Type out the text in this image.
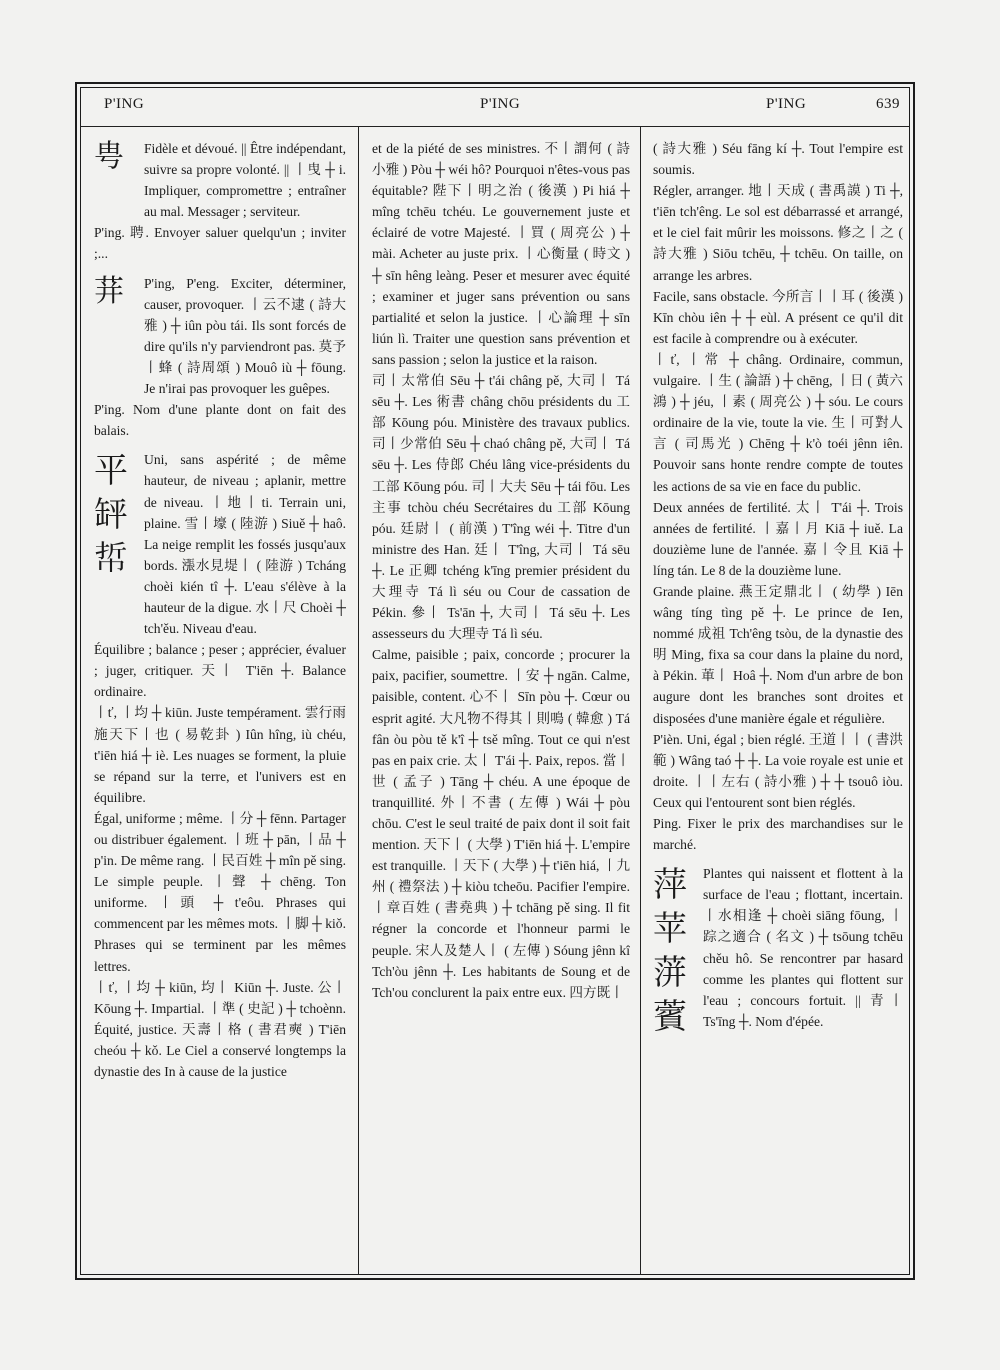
P'ING	P'ING	P'ING	639
甹	Fidèle et dévoué. || Être indépendant, suivre sa propre volonté. || 丨曳 ┼ i. Impliquer, compromettre ; entraîner au mal. Messager ; serviteur.

P'ing. 聘. Envoyer saluer quelqu'un ; inviter ;...

荓	P'ing, P'eng. Exciter, déterminer, causer, provoquer. 丨云不逮 ( 詩大雅 ) ┼ iûn pòu tái. Ils sont forcés de dire qu'ils n'y parviendront pas. 莫予丨蜂 ( 詩周頌 ) Mouô iù ┼ fōung. Je n'irai pas provoquer les guêpes.

P'ing. Nom d'une plante dont on fait des balais.

平
䍈
𢂼

Uni, sans aspérité ; de même hauteur, de niveau ; aplanir, mettre de niveau. 丨地丨ti. Terrain uni, plaine. 雪丨壕 ( 陸游 ) Siuě ┼ haô. La neige remplit les fossés jusqu'aux bords. 漲水見堤丨 ( 陸游 ) Tcháng choèi kién tî ┼. L'eau s'élève à la hauteur de la digue. 水丨尺 Choèi ┼ tch'ěu. Niveau d'eau.

Équilibre ; balance ; peser ; apprécier, évaluer ; juger, critiquer. 天丨 T'iēn ┼. Balance ordinaire.

丨ť, 丨均 ┼ kiūn. Juste tempérament. 雲行雨施天下丨也 ( 易乾卦 ) Iûn hîng, iù chéu, t'iēn hiá ┼ iè. Les nuages se forment, la pluie se répand sur la terre, et l'univers est en équilibre.

Égal, uniforme ; même. 丨分 ┼ fēnn. Partager ou distribuer également. 丨班 ┼ pān, 丨品 ┼ p'in. De même rang. 丨民百姓 ┼ mîn pě sing. Le simple peuple. 丨聲 ┼ chēng. Ton uniforme. 丨頭 ┼ t'eôu. Phrases qui commencent par les mêmes mots. 丨脚 ┼ kiǒ. Phrases qui se terminent par les mêmes lettres.

丨ť, 丨均 ┼ kiūn, 均丨 Kiūn ┼. Juste. 公丨 Kōung ┼. Impartial. 丨準 ( 史記 ) ┼ tchoènn. Équité, justice. 天壽丨格 ( 書君奭 ) T'iēn cheóu ┼ kǒ. Le Ciel a conservé longtemps la dynastie des In à cause de la justice

et de la piété de ses ministres. 不丨謂何 ( 詩小雅 ) Pòu ┼ wéi hô? Pourquoi n'êtes-vous pas équitable? 陛下丨明之治 ( 後漢 ) Pi hiá ┼ mîng tchēu tchéu. Le gouvernement juste et éclairé de votre Majesté. 丨買 ( 周亮公 ) ┼ mài. Acheter au juste prix. 丨心衡量 ( 時文 ) ┼ sīn hêng leàng. Peser et mesurer avec équité ; examiner et juger sans prévention ou sans partialité et selon la justice. 丨心論理 ┼ sīn liún lì. Traiter une question sans prévention et sans passion ; selon la justice et la raison.

司丨太常伯 Sēu ┼ t'ái châng pě, 大司丨 Tá sēu ┼. Les 術書 châng chōu présidents du 工部 Kōung póu. Ministère des travaux publics. 司丨少常伯 Sēu ┼ chaó châng pě, 大司丨 Tá sēu ┼. Les 侍郎 Chéu lâng vice-présidents du 工部 Kōung póu. 司丨大夫 Sēu ┼ tái fōu. Les 主事 tchòu chéu Secrétaires du 工部 Kōung póu. 廷尉丨 ( 前漢 ) T'îng wéi ┼. Titre d'un ministre des Han. 廷丨 T'îng, 大司丨 Tá sēu ┼. Le 正卿 tchéng k'īng premier président du 大理寺 Tá lì séu ou Cour de cassation de Pékin. 參丨 Ts'ān ┼, 大司丨 Tá sēu ┼. Les assesseurs du 大理寺 Tá lì séu.

Calme, paisible ; paix, concorde ; procurer la paix, pacifier, soumettre. 丨安 ┼ ngān. Calme, paisible, content. 心不丨 Sīn pòu ┼. Cœur ou esprit agité. 大凡物不得其丨則鳴 ( 韓愈 ) Tá fân òu pòu tě k'î ┼ tsě mîng. Tout ce qui n'est pas en paix crie. 太丨 T'ái ┼. Paix, repos. 當丨世 ( 孟子 ) Tāng ┼ chéu. A une époque de tranquillité. 外丨不書 ( 左傳 ) Wái ┼ pòu chōu. C'est le seul traité de paix dont il soit fait mention. 天下丨 ( 大學 ) T'iēn hiá ┼. L'empire est tranquille. 丨天下 ( 大學 ) ┼ t'iēn hiá, 丨九州 ( 禮祭法 ) ┼ kiòu tcheōu. Pacifier l'empire. 丨章百姓 ( 書堯典 ) ┼ tchāng pě sing. Il fit régner la concorde et l'honneur parmi le peuple. 宋人及楚人丨 ( 左傳 ) Sóung jênn kî Tch'òu jênn ┼. Les habitants de Soung et de Tch'ou conclurent la paix entre eux. 四方既丨

( 詩大雅 ) Séu fāng kí ┼. Tout l'empire est soumis.

Régler, arranger. 地丨天成 ( 書禹謨 ) Ti ┼, t'iēn tch'êng. Le sol est débarrassé et arrangé, et le ciel fait mûrir les moissons. 修之丨之 ( 詩大雅 ) Siōu tchēu, ┼ tchēu. On taille, on arrange les arbres.

Facile, sans obstacle. 今所言丨丨耳 ( 後漢 ) Kīn chòu iên ┼ ┼ eùl. A présent ce qu'il dit est facile à comprendre ou à exécuter.

丨ť, 丨常 ┼ châng. Ordinaire, commun, vulgaire. 丨生 ( 論語 ) ┼ chēng, 丨日 ( 黃六鴻 ) ┼ jéu, 丨素 ( 周亮公 ) ┼ sóu. Le cours ordinaire de la vie, toute la vie. 生丨可對人言 ( 司馬光 ) Chēng ┼ k'ò toéi jênn iên. Pouvoir sans honte rendre compte de toutes les actions de sa vie en face du public.

Deux années de fertilité. 太丨 T'ái ┼. Trois années de fertilité. 丨嘉丨月 Kiā ┼ iuě. La douzième lune de l'année. 嘉丨令且 Kiā ┼ líng tán. Le 8 de la douzième lune.

Grande plaine. 燕王定鼎北丨 ( 幼學 ) Iēn wâng tíng tìng pě ┼. Le prince de Ien, nommé 成祖 Tch'êng tsòu, de la dynastie des 明 Ming, fixa sa cour dans la plaine du nord, à Pékin. 莗丨 Hoâ ┼. Nom d'un arbre de bon augure dont les branches sont droites et disposées d'une manière égale et régulière.

P'ièn. Uni, égal ; bien réglé. 王道丨丨 ( 書洪範 ) Wâng taó ┼ ┼. La voie royale est unie et droite. 丨丨左右 ( 詩小雅 ) ┼ ┼ tsouô iòu. Ceux qui l'entourent sont bien réglés.

Ping. Fixer le prix des marchandises sur le marché.

萍
苹
蓱
薲

Plantes qui naissent et flottent à la surface de l'eau ; flottant, incertain. 丨水相逢 ┼ choèi siāng fōung, 丨踪之適合 ( 名文 ) ┼ tsōung tchēu chěu hô. Se rencontrer par hasard comme les plantes qui flottent sur l'eau ; concours fortuit. || 青丨 Ts'īng ┼. Nom d'épée.
